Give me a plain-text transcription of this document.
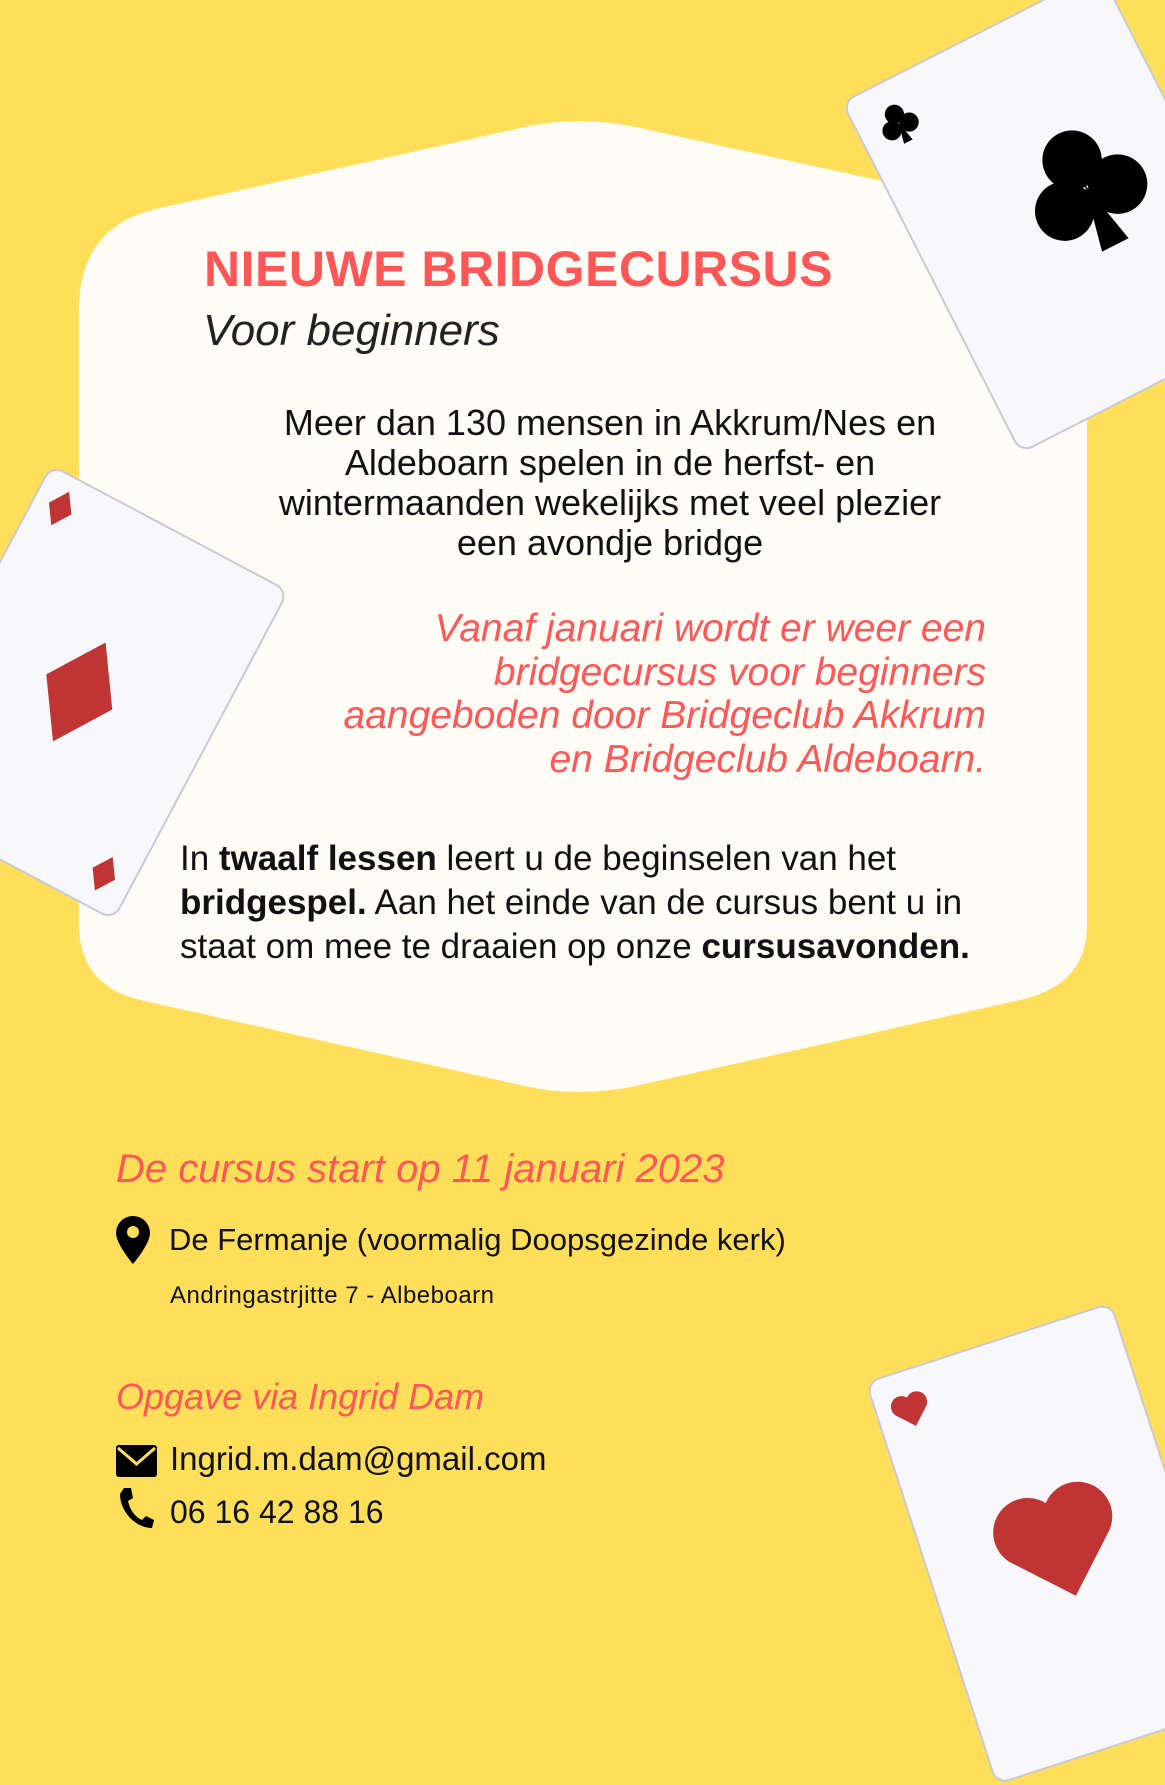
NIEUWE BRIDGECURSUS
Voor beginners
Meer dan 130 mensen in Akkrum/Nes en
Aldeboarn spelen in de herfst- en
wintermaanden wekelijks met veel plezier
een avondje bridge
Vanaf januari wordt er weer een
bridgecursus voor beginners
aangeboden door Bridgeclub Akkrum
en Bridgeclub Aldeboarn.
In twaalf lessen leert u de beginselen van het
bridgespel. Aan het einde van de cursus bent u in
staat om mee te draaien op onze cursusavonden.
De cursus start op 11 januari 2023
De Fermanje (voormalig Doopsgezinde kerk)
Andringastrjitte 7 - Albeboarn
Opgave via Ingrid Dam
Ingrid.m.dam@gmail.com
06 16 42 88 16
